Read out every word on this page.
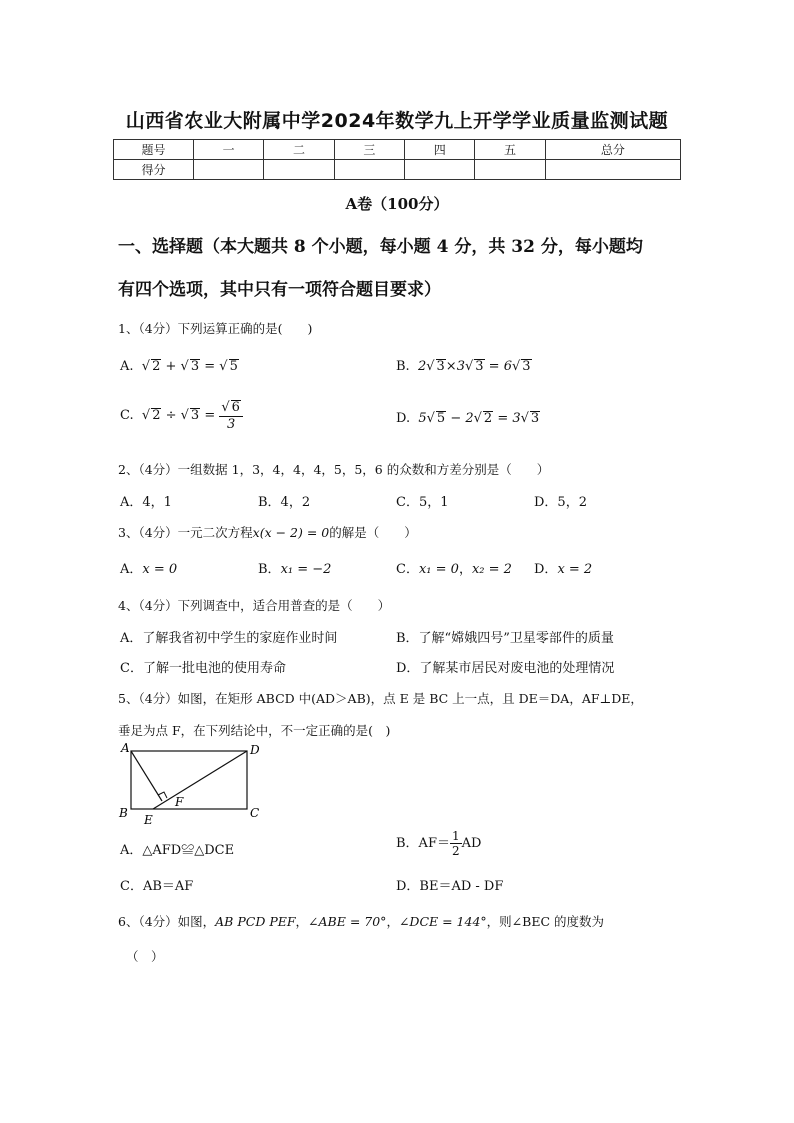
山西省农业大附属中学2024年数学九上开学学业质量监测试题
题号	一	二	三	四	五	总分
得分						
A卷（100分）
一、选择题（本大题共 8 个小题，每小题 4 分，共 32 分，每小题均
有四个选项，其中只有一项符合题目要求）
1、（4分）下列运算正确的是(　　)
A.  √ 2 + √ 3 = √ 5	B.  2√ 3×3√ 3 = 6√ 3
C.  √ 2 ÷ √ $3 = \frac{√ 6}{3}$	D.  5√ 5 − 2√ 2 = 3√ 3
2、（4分）一组数据 1，3，4，4，4，5，5，6 的众数和方差分别是（　　）
A．4，1	B．4，2	C．5，1	D．5，2
3、（4分）一元二次方程x(x − 2) = 0的解是（　　）
A．x = 0	B．x₁ = −2	C．x₁ = 0，x₂ = 2 D．x = 2
4、（4分）下列调查中，适合用普查的是（　　）
A．了解我省初中学生的家庭作业时间	B．了解“嫦娥四号”卫星零部件的质量
C．了解一批电池的使用寿命	D．了解某市居民对废电池的处理情况
5、（4分）如图，在矩形 ABCD 中(AD＞AB)，点 E 是 BC 上一点，且 DE＝DA，AF⊥DE，
垂足为点 F，在下列结论中，不一定正确的是(　)
A	D
B E
F
C
A．△AFD≌△DCE	B．$AF= \frac{1}{2}$ AD
C．AB＝AF	D．BE＝AD - DF
6、（4分）如图，AB PCD PEF，∠ABE = 70°，∠DCE = 144°，则∠BEC 的度数为
（　）
